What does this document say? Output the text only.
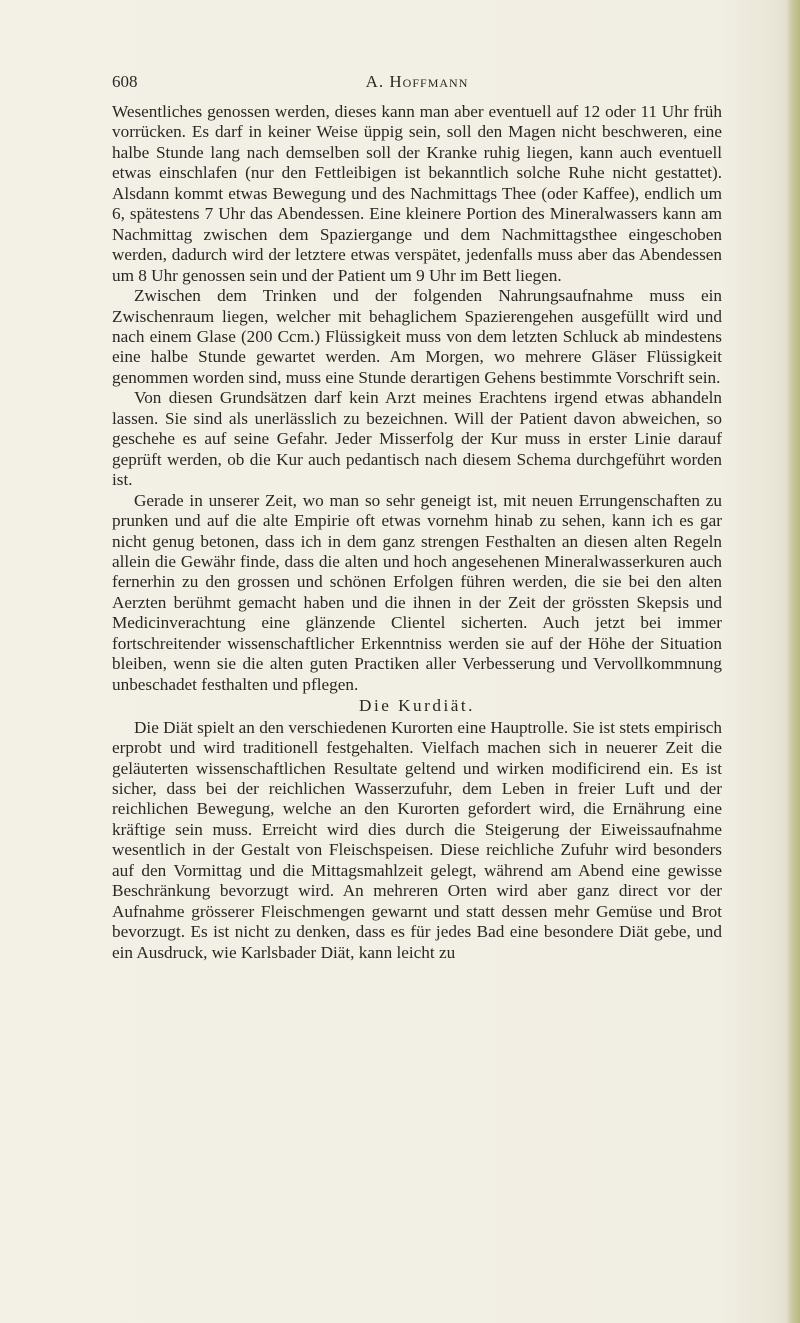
608	A. Hoffmann

Wesentliches genossen werden, dieses kann man aber eventuell auf 12 oder 11 Uhr früh vorrücken. Es darf in keiner Weise üppig sein, soll den Magen nicht beschweren, eine halbe Stunde lang nach demselben soll der Kranke ruhig liegen, kann auch eventuell etwas einschlafen (nur den Fettleibigen ist bekanntlich solche Ruhe nicht gestattet). Alsdann kommt etwas Bewegung und des Nachmittags Thee (oder Kaffee), endlich um 6, spätestens 7 Uhr das Abendessen. Eine kleinere Portion des Mineralwassers kann am Nachmittag zwischen dem Spaziergange und dem Nachmittagsthee eingeschoben werden, dadurch wird der letztere etwas verspätet, jedenfalls muss aber das Abendessen um 8 Uhr genossen sein und der Patient um 9 Uhr im Bett liegen.

Zwischen dem Trinken und der folgenden Nahrungsaufnahme muss ein Zwischenraum liegen, welcher mit behaglichem Spazierengehen ausgefüllt wird und nach einem Glase (200 Ccm.) Flüssigkeit muss von dem letzten Schluck ab mindestens eine halbe Stunde gewartet werden. Am Morgen, wo mehrere Gläser Flüssigkeit genommen worden sind, muss eine Stunde derartigen Gehens bestimmte Vorschrift sein.

Von diesen Grundsätzen darf kein Arzt meines Erachtens irgend etwas abhandeln lassen. Sie sind als unerlässlich zu bezeichnen. Will der Patient davon abweichen, so geschehe es auf seine Gefahr. Jeder Misserfolg der Kur muss in erster Linie darauf geprüft werden, ob die Kur auch pedantisch nach diesem Schema durchgeführt worden ist.

Gerade in unserer Zeit, wo man so sehr geneigt ist, mit neuen Errungenschaften zu prunken und auf die alte Empirie oft etwas vornehm hinab zu sehen, kann ich es gar nicht genug betonen, dass ich in dem ganz strengen Festhalten an diesen alten Regeln allein die Gewähr finde, dass die alten und hoch angesehenen Mineralwasserkuren auch fernerhin zu den grossen und schönen Erfolgen führen werden, die sie bei den alten Aerzten berühmt gemacht haben und die ihnen in der Zeit der grössten Skepsis und Medicinverachtung eine glänzende Clientel sicherten. Auch jetzt bei immer fortschreitender wissenschaftlicher Erkenntniss werden sie auf der Höhe der Situation bleiben, wenn sie die alten guten Practiken aller Verbesserung und Vervollkommnung unbeschadet festhalten und pflegen.

Die Kurdiät.

Die Diät spielt an den verschiedenen Kurorten eine Hauptrolle. Sie ist stets empirisch erprobt und wird traditionell festgehalten. Vielfach machen sich in neuerer Zeit die geläuterten wissenschaftlichen Resultate geltend und wirken modificirend ein. Es ist sicher, dass bei der reichlichen Wasserzufuhr, dem Leben in freier Luft und der reichlichen Bewegung, welche an den Kurorten gefordert wird, die Ernährung eine kräftige sein muss. Erreicht wird dies durch die Steigerung der Eiweissaufnahme wesentlich in der Gestalt von Fleischspeisen. Diese reichliche Zufuhr wird besonders auf den Vormittag und die Mittagsmahlzeit gelegt, während am Abend eine gewisse Beschränkung bevorzugt wird. An mehreren Orten wird aber ganz direct vor der Aufnahme grösserer Fleischmengen gewarnt und statt dessen mehr Gemüse und Brot bevorzugt. Es ist nicht zu denken, dass es für jedes Bad eine besondere Diät gebe, und ein Ausdruck, wie Karlsbader Diät, kann leicht zu
